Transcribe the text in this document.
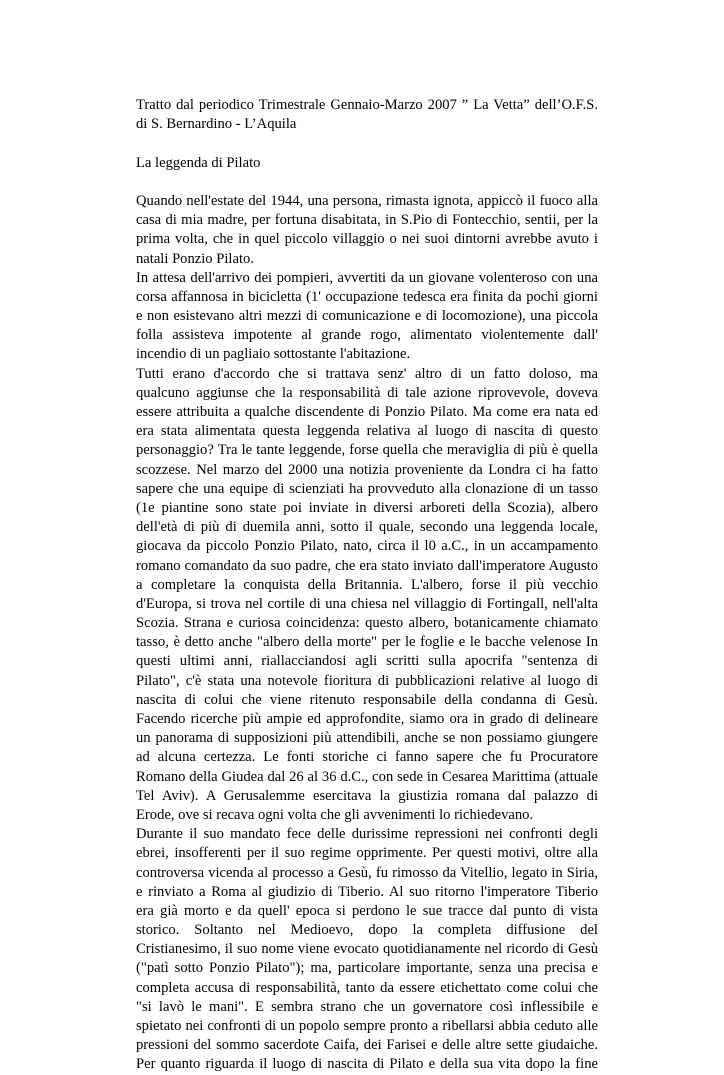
Tratto dal periodico Trimestrale Gennaio-Marzo 2007 ” La Vetta” dell’O.F.S.
di S. Bernardino - L’Aquila
La leggenda di Pilato
Quando nell'estate del 1944, una persona, rimasta ignota, appiccò il fuoco alla
casa di mia madre, per fortuna disabitata, in S.Pio di Fontecchio, sentii, per la
prima volta, che in quel piccolo villaggio o nei suoi dintorni avrebbe avuto i
natali Ponzio Pilato.
In attesa dell'arrivo dei pompieri, avvertiti da un giovane volenteroso con una
corsa affannosa in bicicletta (1' occupazione tedesca era finita da pochi giorni
e non esistevano altri mezzi di comunicazione e di locomozione), una piccola
folla assisteva impotente al grande rogo, alimentato violentemente dall'
incendio di un pagliaio sottostante l'abitazione.
Tutti erano d'accordo che si trattava senz' altro di un fatto doloso, ma
qualcuno aggiunse che la responsabilità di tale azione riprovevole, doveva
essere attribuita a qualche discendente di Ponzio Pilato. Ma come era nata ed
era stata alimentata questa leggenda relativa al luogo di nascita di questo
personaggio? Tra le tante leggende, forse quella che meraviglia di più è quella
scozzese. Nel marzo del 2000 una notizia proveniente da Londra ci ha fatto
sapere che una equipe di scienziati ha provveduto alla clonazione di un tasso
(1e piantine sono state poi inviate in diversi arboreti della Scozia), albero
dell'età di più di duemila anni, sotto il quale, secondo una leggenda locale,
giocava da piccolo Ponzio Pilato, nato, circa il l0 a.C., in un accampamento
romano comandato da suo padre, che era stato inviato dall'imperatore Augusto
a completare la conquista della Britannia. L'albero, forse il più vecchio
d'Europa, si trova nel cortile di una chiesa nel villaggio di Fortingall, nell'alta
Scozia. Strana e curiosa coincidenza: questo albero, botanicamente chiamato
tasso, è detto anche "albero della morte" per le foglie e le bacche velenose In
questi ultimi anni, riallacciandosi agli scritti sulla apocrifa "sentenza di
Pilato", c'è stata una notevole fioritura di pubblicazioni relative al luogo di
nascita di colui che viene ritenuto responsabile della condanna di Gesù.
Facendo ricerche più ampie ed approfondite, siamo ora in grado di delineare
un panorama di supposizioni più attendibili, anche se non possiamo giungere
ad alcuna certezza. Le fonti storiche ci fanno sapere che fu Procuratore
Romano della Giudea dal 26 al 36 d.C., con sede in Cesarea Marittima (attuale
Tel Aviv). A Gerusalemme esercitava la giustizia romana dal palazzo di
Erode, ove si recava ogni volta che gli avvenimenti lo richiedevano.
Durante il suo mandato fece delle durissime repressioni nei confronti degli
ebrei, insofferenti per il suo regime opprimente. Per questi motivi, oltre alla
controversa vicenda al processo a Gesù, fu rimosso da Vitellio, legato in Siria,
e rinviato a Roma al giudizio di Tiberio. Al suo ritorno l'imperatore Tiberio
era già morto e da quell' epoca si perdono le sue tracce dal punto di vista
storico. Soltanto nel Medioevo, dopo la completa diffusione del
Cristianesimo, il suo nome viene evocato quotidianamente nel ricordo di Gesù
("patì sotto Ponzio Pilato"); ma, particolare importante, senza una precisa e
completa accusa di responsabilità, tanto da essere etichettato come colui che
"si lavò le mani". E sembra strano che un governatore così inflessibile e
spietato nei confronti di un popolo sempre pronto a ribellarsi abbia ceduto alle
pressioni del sommo sacerdote Caifa, dei Farisei e delle altre sette giudaiche.
Per quanto riguarda il luogo di nascita di Pilato e della sua vita dopo la fine
